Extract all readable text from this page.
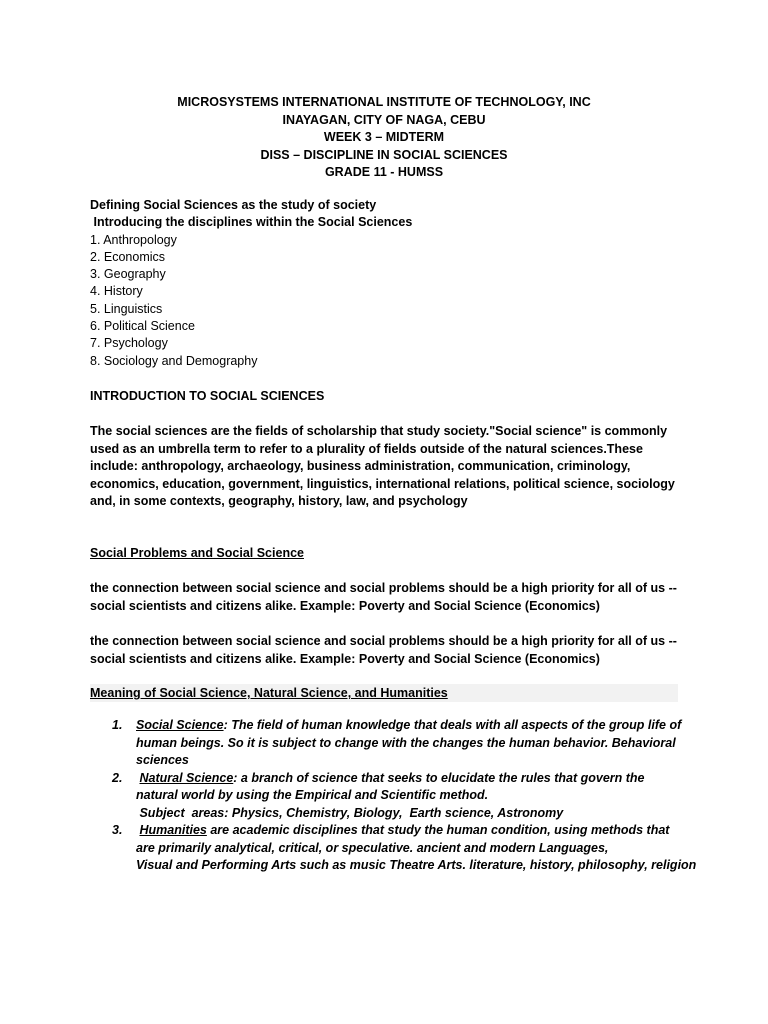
MICROSYSTEMS INTERNATIONAL INSTITUTE OF TECHNOLOGY, INC
INAYAGAN, CITY OF NAGA, CEBU
WEEK 3 – MIDTERM
DISS – DISCIPLINE IN SOCIAL SCIENCES
GRADE 11 - HUMSS
Defining Social Sciences as the study of society
Introducing the disciplines within the Social Sciences
1. Anthropology
2. Economics
3. Geography
4. History
5. Linguistics
6. Political Science
7. Psychology
8. Sociology and Demography
INTRODUCTION TO SOCIAL SCIENCES
The social sciences are the fields of scholarship that study society."Social science" is commonly used as an umbrella term to refer to a plurality of fields outside of the natural sciences.These include: anthropology, archaeology, business administration, communication, criminology, economics, education, government, linguistics, international relations, political science, sociology and, in some contexts, geography, history, law, and psychology
Social Problems and Social Science
the connection between social science and social problems should be a high priority for all of us -- social scientists and citizens alike. Example: Poverty and Social Science (Economics)
the connection between social science and social problems should be a high priority for all of us -- social scientists and citizens alike. Example: Poverty and Social Science (Economics)
Meaning of Social Science, Natural Science, and Humanities
1. Social Science: The field of human knowledge that deals with all aspects of the group life of human beings. So it is subject to change with the changes the human behavior. Behavioral sciences
2. Natural Science: a branch of science that seeks to elucidate the rules that govern the natural world by using the Empirical and Scientific method.
Subject  areas: Physics, Chemistry, Biology,  Earth science, Astronomy
3. Humanities are academic disciplines that study the human condition, using methods that are primarily analytical, critical, or speculative. ancient and modern Languages,
Visual and Performing Arts such as music Theatre Arts. literature, history, philosophy, religion
